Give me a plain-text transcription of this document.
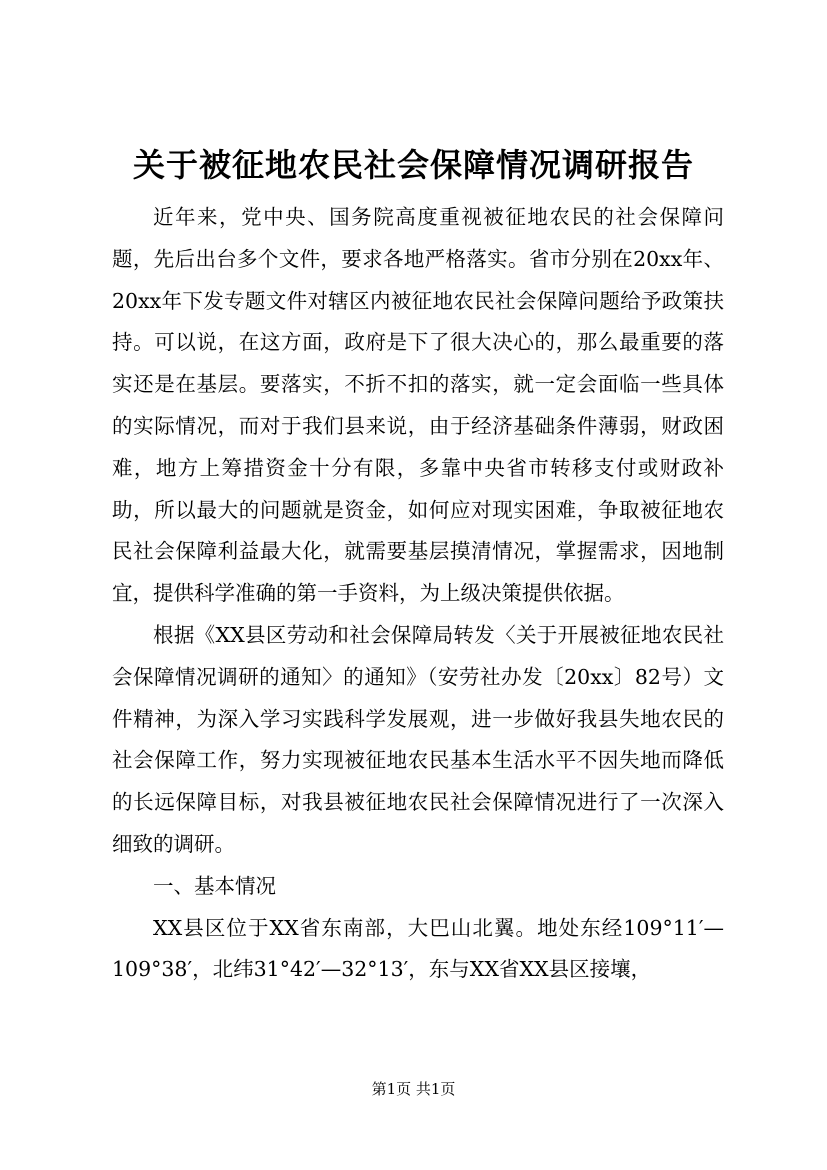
关于被征地农民社会保障情况调研报告

近年来，党中央、国务院高度重视被征地农民的社会保障问题，先后出台多个文件，要求各地严格落实。省市分别在20xx年、20xx年下发专题文件对辖区内被征地农民社会保障问题给予政策扶持。可以说，在这方面，政府是下了很大决心的，那么最重要的落实还是在基层。要落实，不折不扣的落实，就一定会面临一些具体的实际情况，而对于我们县来说，由于经济基础条件薄弱，财政困难，地方上筹措资金十分有限，多靠中央省市转移支付或财政补助，所以最大的问题就是资金，如何应对现实困难，争取被征地农民社会保障利益最大化，就需要基层摸清情况，掌握需求，因地制宜，提供科学准确的第一手资料，为上级决策提供依据。

根据《XX县区劳动和社会保障局转发〈关于开展被征地农民社会保障情况调研的通知〉的通知》（安劳社办发〔20xx〕82号）文件精神，为深入学习实践科学发展观，进一步做好我县失地农民的社会保障工作，努力实现被征地农民基本生活水平不因失地而降低的长远保障目标，对我县被征地农民社会保障情况进行了一次深入细致的调研。

一、基本情况

XX县区位于XX省东南部，大巴山北翼。地处东经109°11′—109°38′，北纬31°42′—32°13′，东与XX省XX县区接壤，

第1页 共1页
